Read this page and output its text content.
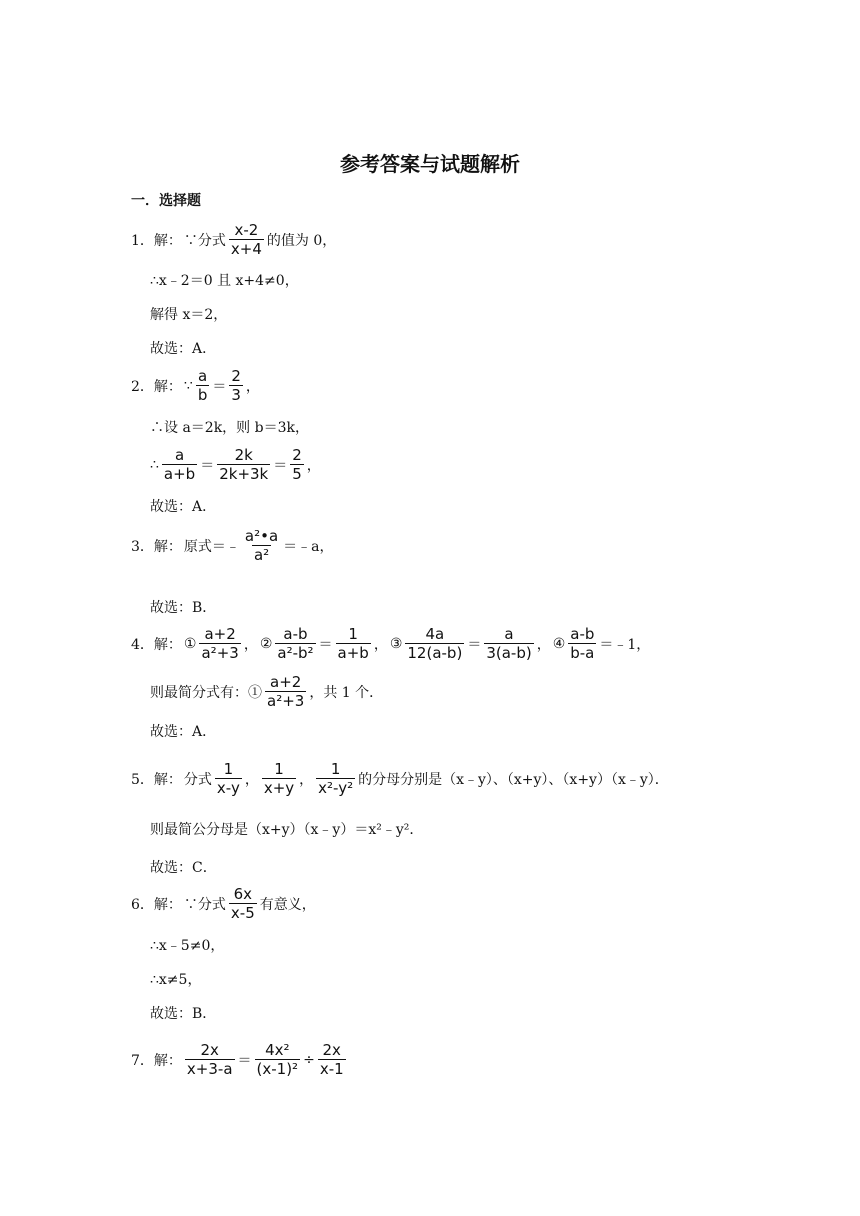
参考答案与试题解析
一．选择题
1．解： ∵分式 $\frac{x-2}{x+4}$ 的值为 0，
∴x﹣2＝0 且 x+4≠0，
解得 x＝2，
故选：A．
2．解： ∵ $\frac{a}{b} = \frac{2}{3}$ ，
∴设 a＝2k，则 b＝3k，
∴ $\frac{a}{a+b} = \frac{2k}{2k+3k} = \frac{2}{5}$ ，
故选：A．
3．解： 原式＝﹣ $\frac{\text{a²•a}}{\text{a²}}$ ＝﹣a，
故选：B．
4．解： ① $\frac{a+2}{\text{a²+3}}$ ， ② $\frac{a-b}{\text{a²-b²}} = \frac{1}{a+b}$ ， ③ $\frac{4a}{12(a-b)} = \frac{a}{3(a-b)}$ ， ④ $\frac{a-b}{b-a}$ ＝﹣1，
则最简分式有：① $\frac{a+2}{\text{a²+3}}$ ，共 1 个．
故选：A．
5．解： 分式 $\frac{1}{x-y}$ ， $\frac{1}{x+y}$ ， $\frac{1}{\text{x²-y²}}$ 的分母分别是（x﹣y）、（x+y）、（x+y）（x﹣y）．
则最简公分母是（x+y）（x﹣y）＝x²﹣y²．
故选：C．
6．解： ∵分式 $\frac{6x}{x-5}$ 有意义，
∴x﹣5≠0，
∴x≠5，
故选：B．
7．解： $\frac{2x}{x+3-a} = \frac{\text{4x²}}{\text{(x-1)²}} \div \frac{2x}{x-1}$
